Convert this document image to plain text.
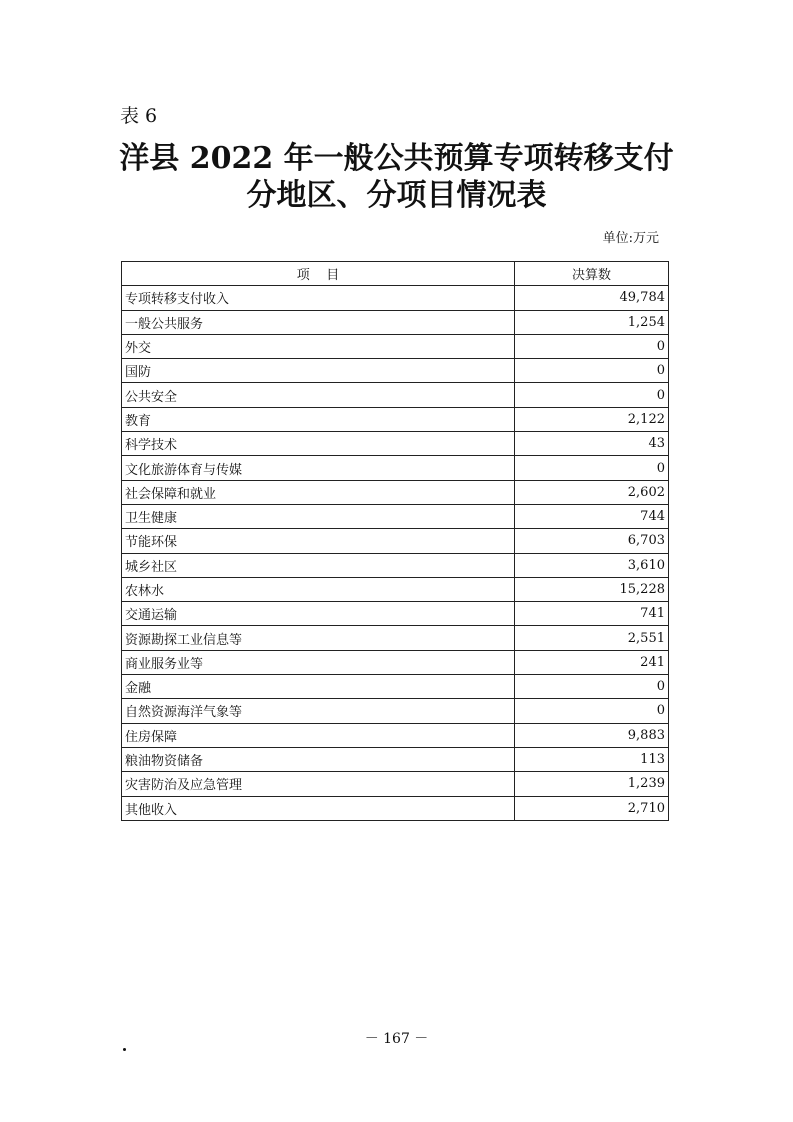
表 6
洋县 2022 年一般公共预算专项转移支付
分地区、分项目情况表
单位:万元
项    目	决算数
专项转移支付收入	49,784
一般公共服务	1,254
外交	0
国防	0
公共安全	0
教育	2,122
科学技术	43
文化旅游体育与传媒	0
社会保障和就业	2,602
卫生健康	744
节能环保	6,703
城乡社区	3,610
农林水	15,228
交通运输	741
资源勘探工业信息等	2,551
商业服务业等	241
金融	0
自然资源海洋气象等	0
住房保障	9,883
粮油物资储备	113
灾害防治及应急管理	1,239
其他收入	2,710
－ 167 －
